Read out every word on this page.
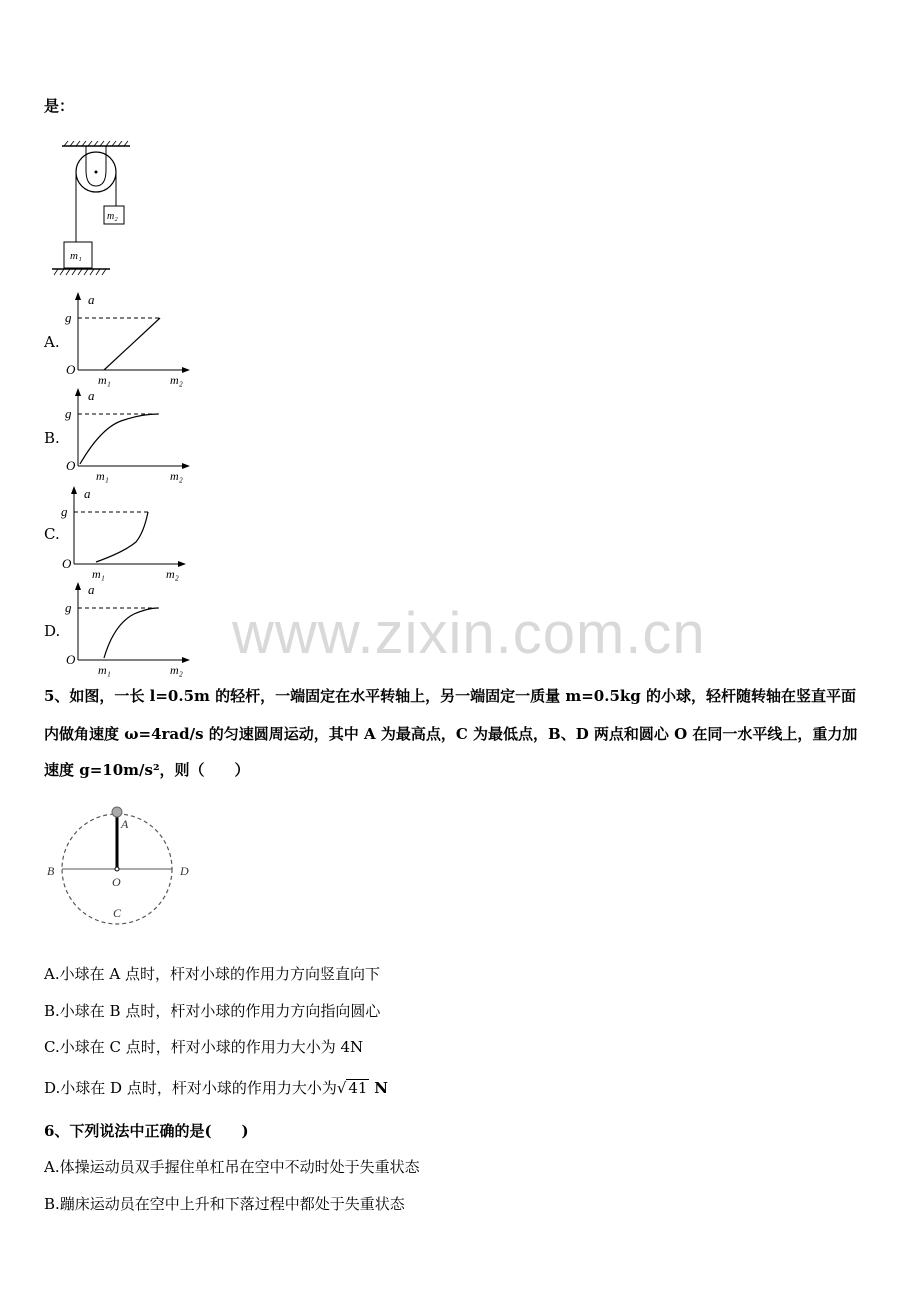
是：
m₂
m₁
A.
a
g
O
m₁	m₂
B.
a
g
O
m₁	m₂
C.
a
g
O
m₁	m₂
D.
a
g
O
m₁	m₂
www.zixin.com.cn
5、如图，一长 l=0.5m 的轻杆，一端固定在水平转轴上，另一端固定一质量 m=0.5kg 的小球，轻杆随转轴在竖直平面
内做角速度 ω=4rad/s 的匀速圆周运动，其中 A 为最高点，C 为最低点，B、D 两点和圆心 O 在同一水平线上，重力加
速度 g=10m/s²，则（　　）
A
B
C
D
O
A.小球在 A 点时，杆对小球的作用力方向竖直向下
B.小球在 B 点时，杆对小球的作用力方向指向圆心
C.小球在 C 点时，杆对小球的作用力大小为 4N
D.小球在 D 点时，杆对小球的作用力大小为√ 41 N
6、下列说法中正确的是(　　)
A.体操运动员双手握住单杠吊在空中不动时处于失重状态
B.蹦床运动员在空中上升和下落过程中都处于失重状态
